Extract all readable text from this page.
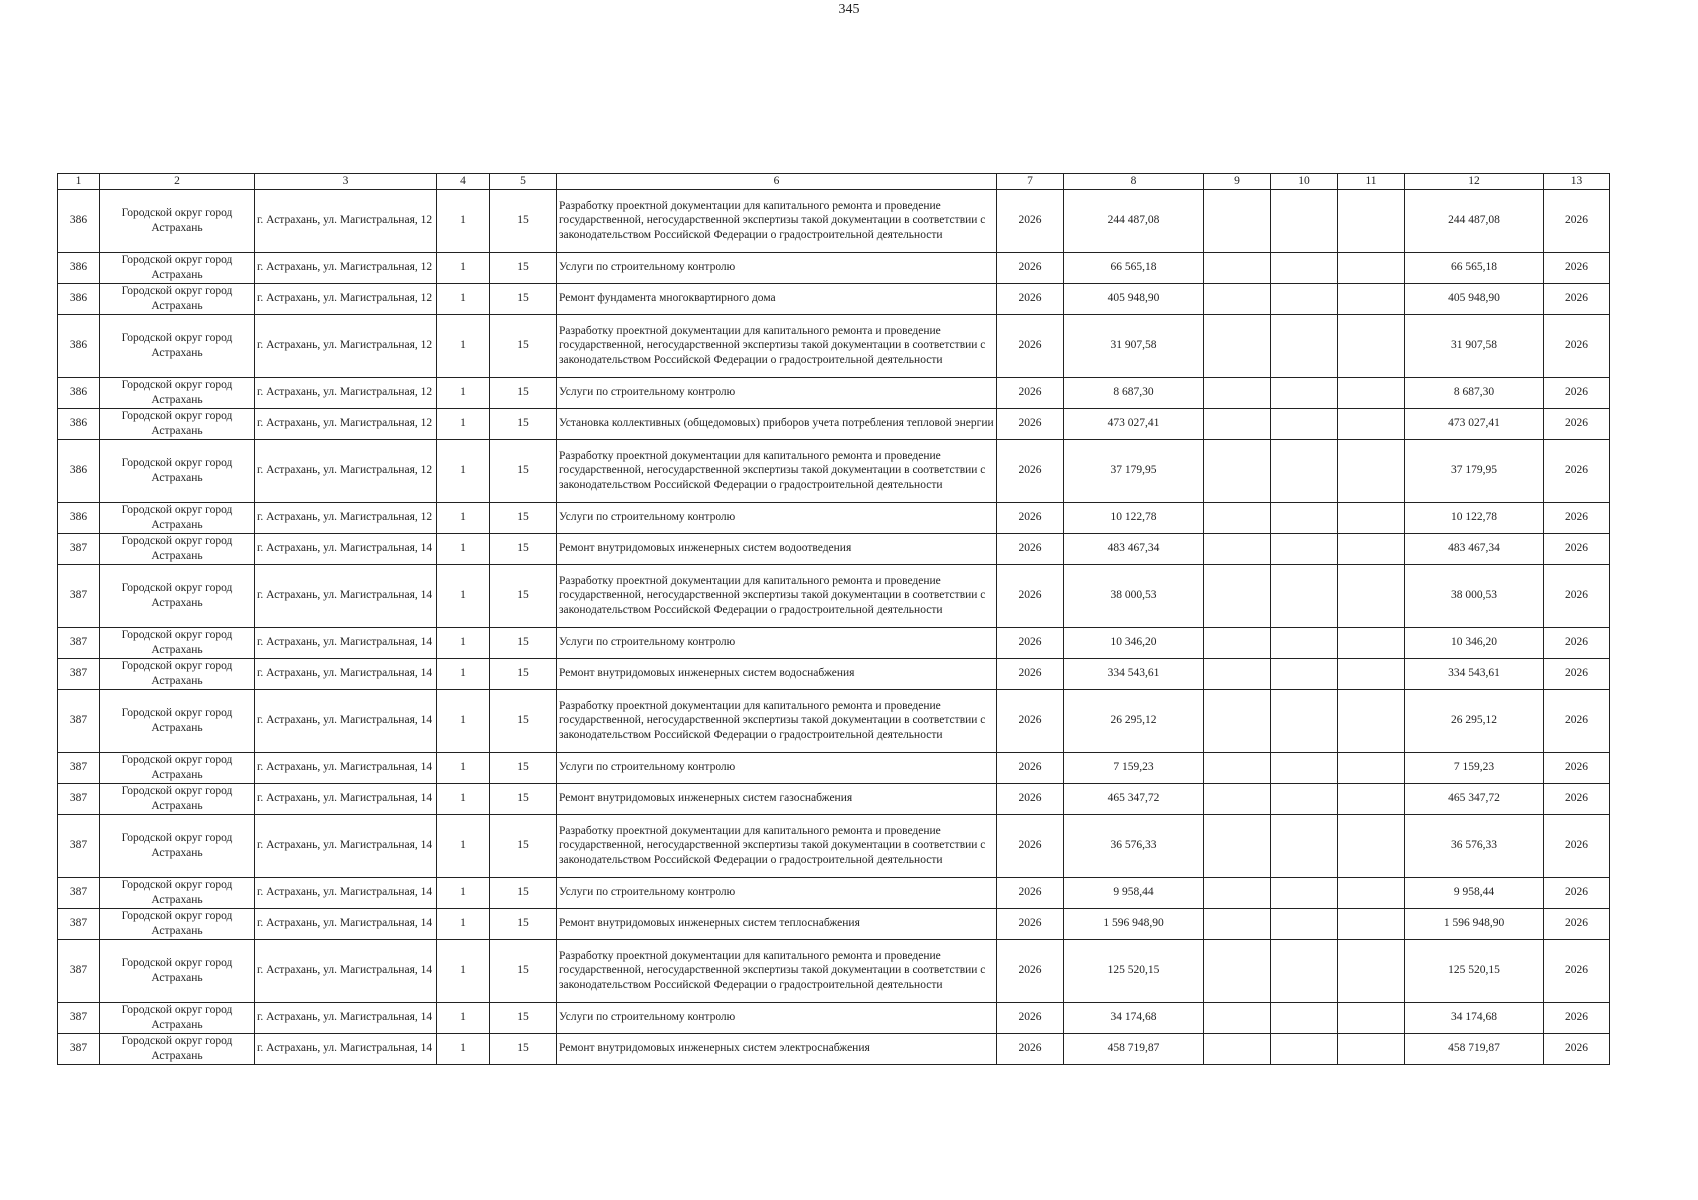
345
1	2	3	4	5	6	7	8	9	10	11	12	13
386	Городской округ город Астрахань	г. Астрахань, ул. Магистральная, 12	1	15	Разработку проектной документации для капитального ремонта и проведение государственной, негосударственной экспертизы такой документации в соответствии с законодательством Российской Федерации о градостроительной деятельности	2026	244 487,08				244 487,08	2026
386	Городской округ город Астрахань	г. Астрахань, ул. Магистральная, 12	1	15	Услуги по строительному контролю	2026	66 565,18				66 565,18	2026
386	Городской округ город Астрахань	г. Астрахань, ул. Магистральная, 12	1	15	Ремонт фундамента многоквартирного дома	2026	405 948,90				405 948,90	2026
386	Городской округ город Астрахань	г. Астрахань, ул. Магистральная, 12	1	15	Разработку проектной документации для капитального ремонта и проведение государственной, негосударственной экспертизы такой документации в соответствии с законодательством Российской Федерации о градостроительной деятельности	2026	31 907,58				31 907,58	2026
386	Городской округ город Астрахань	г. Астрахань, ул. Магистральная, 12	1	15	Услуги по строительному контролю	2026	8 687,30				8 687,30	2026
386	Городской округ город Астрахань	г. Астрахань, ул. Магистральная, 12	1	15	Установка коллективных (общедомовых) приборов учета потребления тепловой энергии	2026	473 027,41				473 027,41	2026
386	Городской округ город Астрахань	г. Астрахань, ул. Магистральная, 12	1	15	Разработку проектной документации для капитального ремонта и проведение государственной, негосударственной экспертизы такой документации в соответствии с законодательством Российской Федерации о градостроительной деятельности	2026	37 179,95				37 179,95	2026
386	Городской округ город Астрахань	г. Астрахань, ул. Магистральная, 12	1	15	Услуги по строительному контролю	2026	10 122,78				10 122,78	2026
387	Городской округ город Астрахань	г. Астрахань, ул. Магистральная, 14	1	15	Ремонт внутридомовых инженерных систем водоотведения	2026	483 467,34				483 467,34	2026
387	Городской округ город Астрахань	г. Астрахань, ул. Магистральная, 14	1	15	Разработку проектной документации для капитального ремонта и проведение государственной, негосударственной экспертизы такой документации в соответствии с законодательством Российской Федерации о градостроительной деятельности	2026	38 000,53				38 000,53	2026
387	Городской округ город Астрахань	г. Астрахань, ул. Магистральная, 14	1	15	Услуги по строительному контролю	2026	10 346,20				10 346,20	2026
387	Городской округ город Астрахань	г. Астрахань, ул. Магистральная, 14	1	15	Ремонт внутридомовых инженерных систем водоснабжения	2026	334 543,61				334 543,61	2026
387	Городской округ город Астрахань	г. Астрахань, ул. Магистральная, 14	1	15	Разработку проектной документации для капитального ремонта и проведение государственной, негосударственной экспертизы такой документации в соответствии с законодательством Российской Федерации о градостроительной деятельности	2026	26 295,12				26 295,12	2026
387	Городской округ город Астрахань	г. Астрахань, ул. Магистральная, 14	1	15	Услуги по строительному контролю	2026	7 159,23				7 159,23	2026
387	Городской округ город Астрахань	г. Астрахань, ул. Магистральная, 14	1	15	Ремонт внутридомовых инженерных систем газоснабжения	2026	465 347,72				465 347,72	2026
387	Городской округ город Астрахань	г. Астрахань, ул. Магистральная, 14	1	15	Разработку проектной документации для капитального ремонта и проведение государственной, негосударственной экспертизы такой документации в соответствии с законодательством Российской Федерации о градостроительной деятельности	2026	36 576,33				36 576,33	2026
387	Городской округ город Астрахань	г. Астрахань, ул. Магистральная, 14	1	15	Услуги по строительному контролю	2026	9 958,44				9 958,44	2026
387	Городской округ город Астрахань	г. Астрахань, ул. Магистральная, 14	1	15	Ремонт внутридомовых инженерных систем теплоснабжения	2026	1 596 948,90				1 596 948,90	2026
387	Городской округ город Астрахань	г. Астрахань, ул. Магистральная, 14	1	15	Разработку проектной документации для капитального ремонта и проведение государственной, негосударственной экспертизы такой документации в соответствии с законодательством Российской Федерации о градостроительной деятельности	2026	125 520,15				125 520,15	2026
387	Городской округ город Астрахань	г. Астрахань, ул. Магистральная, 14	1	15	Услуги по строительному контролю	2026	34 174,68				34 174,68	2026
387	Городской округ город Астрахань	г. Астрахань, ул. Магистральная, 14	1	15	Ремонт внутридомовых инженерных систем электроснабжения	2026	458 719,87				458 719,87	2026
